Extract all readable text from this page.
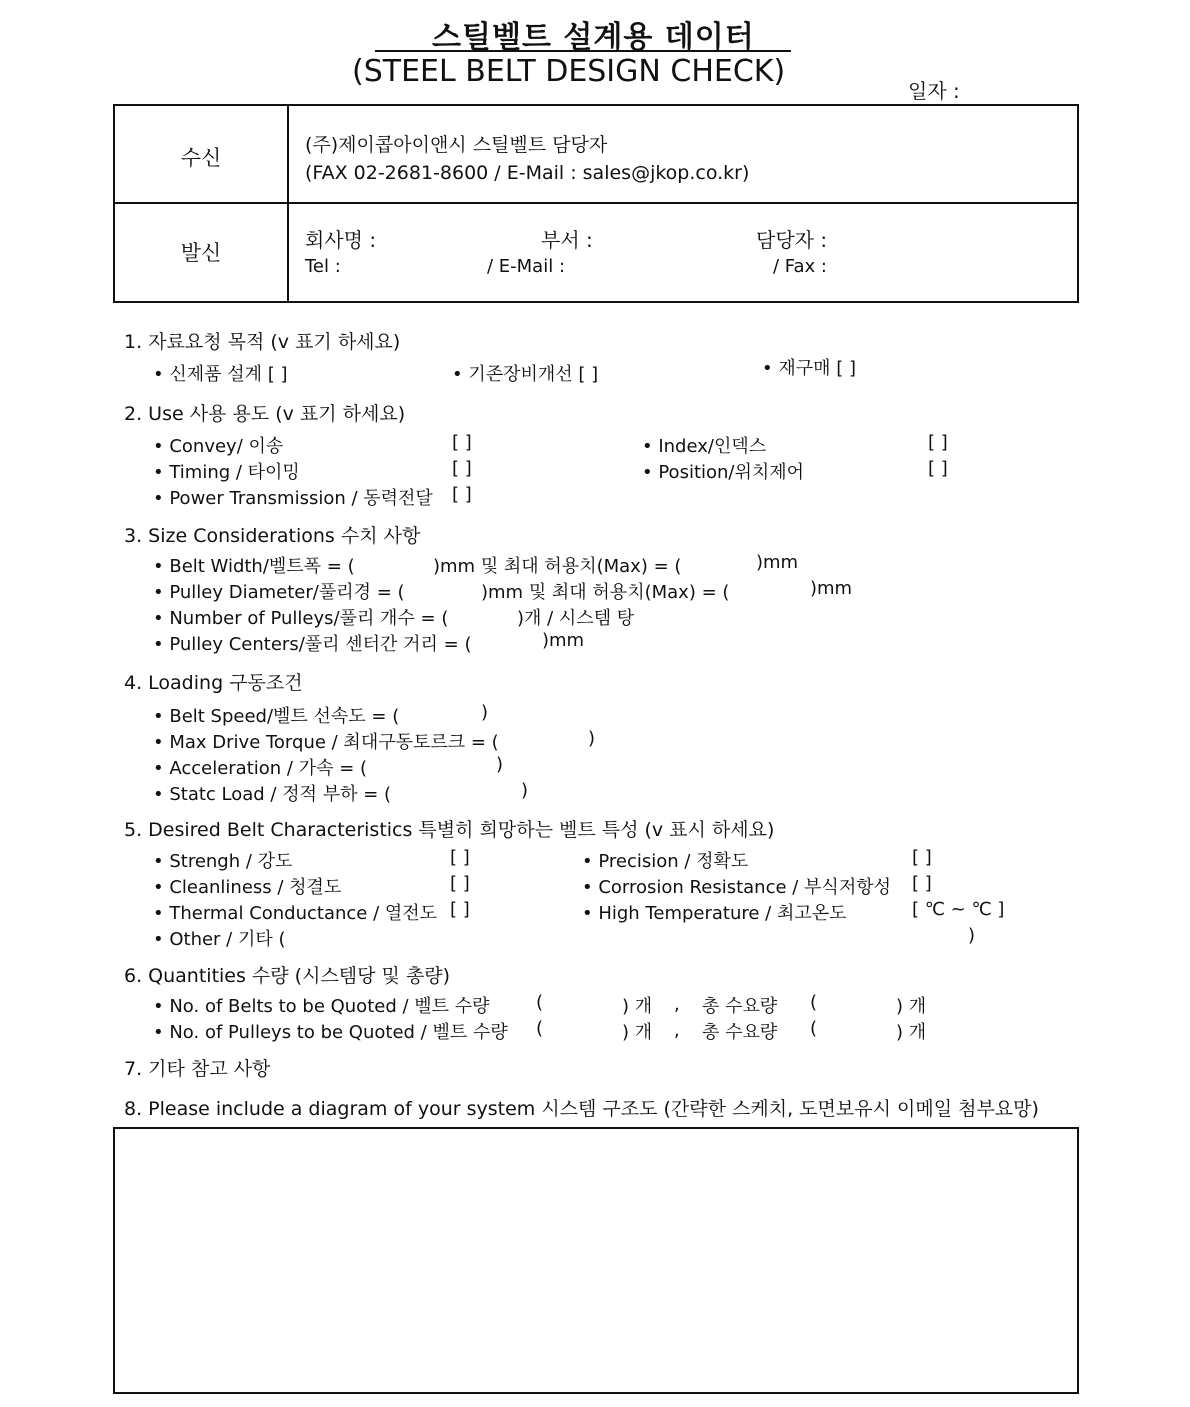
스틸벨트 설계용 데이터
(STEEL BELT DESIGN CHECK)
일자 :
수신
(주)제이콥아이앤시 스틸벨트 담당자
(FAX 02-2681-8600 / E-Mail : sales@jkop.co.kr)
발신
회사명 :	부서 :	담당자 :
Tel :	/ E-Mail :	/ Fax :
1. 자료요청 목적 (v 표기 하세요)
• 신제품 설계 [ ]	• 기존장비개선 [ ]	• 재구매 [ ]
2. Use 사용 용도 (v 표기 하세요)
• Convey/ 이송	[ ]
• Timing / 타이밍	[ ]
• Power Transmission / 동력전달 [ ]
• Index/인덱스	[ ]
• Position/위치제어	[ ]
3. Size Considerations 수치 사항
• Belt Width/벨트폭 = (	)mm 및 최대 허용치(Max) = (	)mm
• Pulley Diameter/풀리경 = (	)mm 및 최대 허용치(Max) = (	)mm
• Number of Pulleys/풀리 개수 = (	)개 / 시스템 탕
• Pulley Centers/풀리 센터간 거리 = (	)mm
4. Loading 구동조건
• Belt Speed/벨트 선속도 = (	)
• Max Drive Torque / 최대구동토르크 = (	)
• Acceleration / 가속 = (	)
• Statc Load / 정적 부하 = (	)
5. Desired Belt Characteristics 특별히 희망하는 벨트 특성 (v 표시 하세요)
• Strengh / 강도	[ ]
• Cleanliness / 청결도	[ ]
• Thermal Conductance / 열전도 [ ]
• Other / 기타 (	)
• Precision / 정확도	[ ]
• Corrosion Resistance / 부식저항성 [ ]
• High Temperature / 최고온도	[ ℃ ~ ℃ ]
6. Quantities 수량 (시스템당 및 총량)
• No. of Belts to be Quoted / 벨트 수량	(	) 개 , 총 수요량 (	) 개
• No. of Pulleys to be Quoted / 벨트 수량 (	) 개 , 총 수요량 (	) 개
7. 기타 참고 사항
8. Please include a diagram of your system 시스템 구조도 (간략한 스케치, 도면보유시 이메일 첨부요망)
